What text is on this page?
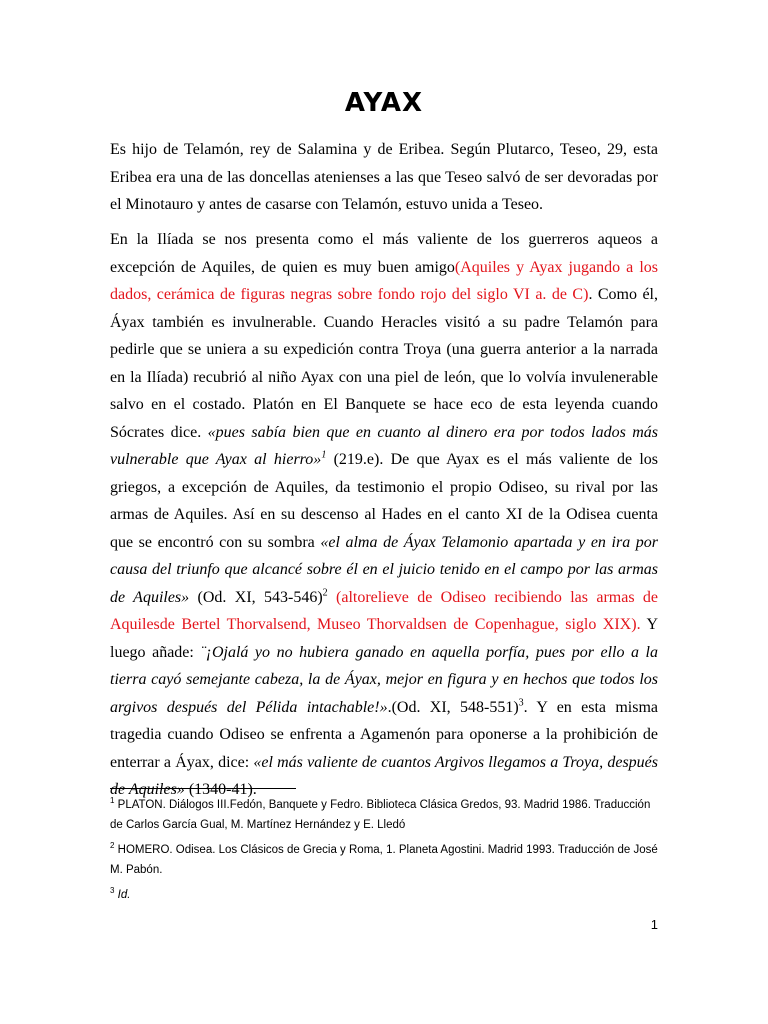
AYAX

Es hijo de Telamón, rey de Salamina y de Eribea. Según Plutarco, Teseo, 29, esta Eribea era una de las doncellas atenienses a las que Teseo salvó de ser devoradas por el Minotauro y antes de casarse con Telamón, estuvo unida a Teseo.

En la Ilíada se nos presenta como el más valiente de los guerreros aqueos a excepción de Aquiles, de quien es muy buen amigo(Aquiles y Ayax jugando a los dados, cerámica de figuras negras sobre fondo rojo del siglo VI a. de C). Como él, Áyax también es invulnerable. Cuando Heracles visitó a su padre Telamón para pedirle que se uniera a su expedición contra Troya (una guerra anterior a la narrada en la Ilíada) recubrió al niño Ayax con una piel de león, que lo volvía invulenerable salvo en el costado. Platón en El Banquete se hace eco de esta leyenda cuando Sócrates dice. «pues sabía bien que en cuanto al dinero era por todos lados más vulnerable que Ayax al hierro»$^1$ (219.e). De que Ayax es el más valiente de los griegos, a excepción de Aquiles, da testimonio el propio Odiseo, su rival por las armas de Aquiles. Así en su descenso al Hades en el canto XI de la Odisea cuenta que se encontró con su sombra «el alma de Áyax Telamonio apartada y en ira por causa del triunfo que alcancé sobre él en el juicio tenido en el campo por las armas de Aquiles» (Od. XI, 543-546)$^2$ (altorelieve de Odiseo recibiendo las armas de Aquilesde Bertel Thorvalsend, Museo Thorvaldsen de Copenhague, siglo XIX). Y luego añade: ¨¡Ojalá yo no hubiera ganado en aquella porfía, pues por ello a la tierra cayó semejante cabeza, la de Áyax, mejor en figura y en hechos que todos los argivos después del Pélida intachable!».(Od. XI, 548-551)$^3$. Y en esta misma tragedia cuando Odiseo se enfrenta a Agamenón para oponerse a la prohibición de enterrar a Áyax, dice: «el más valiente de cuantos Argivos llegamos a Troya, después de Aquiles» (1340-41).

$^1$ PLATON. Diálogos III.Fedón, Banquete y Fedro. Biblioteca Clásica Gredos, 93. Madrid 1986. Traducción de Carlos García Gual, M. Martínez Hernández y E. Lledó

$^2$ HOMERO. Odisea. Los Clásicos de Grecia y Roma, 1. Planeta Agostini. Madrid 1993. Traducción de José M. Pabón.

$^3$ Id.

1
